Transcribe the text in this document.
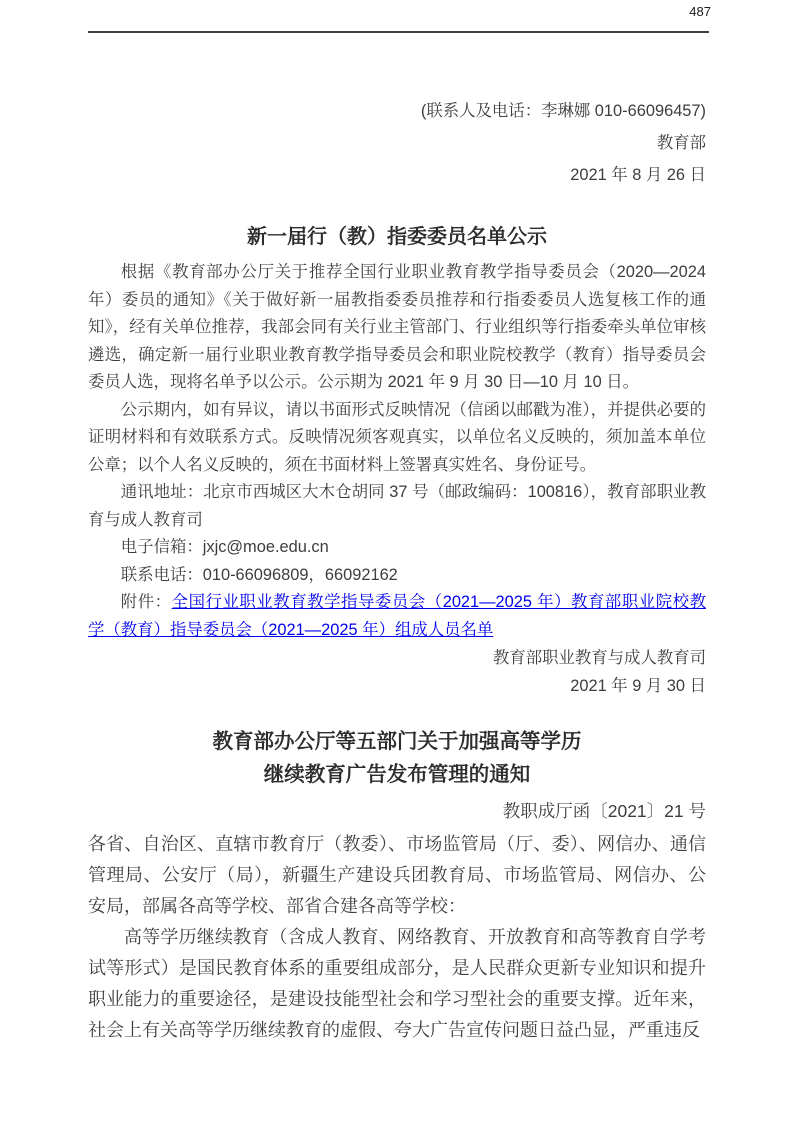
487

(联系人及电话：李琳娜 010-66096457)

教育部

2021 年 8 月 26 日

新一届行（教）指委委员名单公示

根据《教育部办公厅关于推荐全国行业职业教育教学指导委员会（2020—2024 年）委员的通知》《关于做好新一届教指委委员推荐和行指委委员人选复核工作的通知》，经有关单位推荐，我部会同有关行业主管部门、行业组织等行指委牵头单位审核遴选，确定新一届行业职业教育教学指导委员会和职业院校教学（教育）指导委员会委员人选，现将名单予以公示。公示期为 2021 年 9 月 30 日—10 月 10 日。

公示期内，如有异议，请以书面形式反映情况（信函以邮戳为准），并提供必要的证明材料和有效联系方式。反映情况须客观真实，以单位名义反映的，须加盖本单位公章；以个人名义反映的，须在书面材料上签署真实姓名、身份证号。

通讯地址：北京市西城区大木仓胡同 37 号（邮政编码：100816），教育部职业教育与成人教育司

电子信箱：jxjc@moe.edu.cn

联系电话：010-66096809，66092162

附件：全国行业职业教育教学指导委员会（2021—2025 年）教育部职业院校教学（教育）指导委员会（2021—2025 年）组成人员名单

教育部职业教育与成人教育司

2021 年 9 月 30 日

教育部办公厅等五部门关于加强高等学历
继续教育广告发布管理的通知

教职成厅函〔2021〕21 号

各省、自治区、直辖市教育厅（教委）、市场监管局（厅、委）、网信办、通信管理局、公安厅（局），新疆生产建设兵团教育局、市场监管局、网信办、公安局，部属各高等学校、部省合建各高等学校：

高等学历继续教育（含成人教育、网络教育、开放教育和高等教育自学考试等形式）是国民教育体系的重要组成部分，是人民群众更新专业知识和提升职业能力的重要途径，是建设技能型社会和学习型社会的重要支撑。近年来，社会上有关高等学历继续教育的虚假、夸大广告宣传问题日益凸显，严重违反
